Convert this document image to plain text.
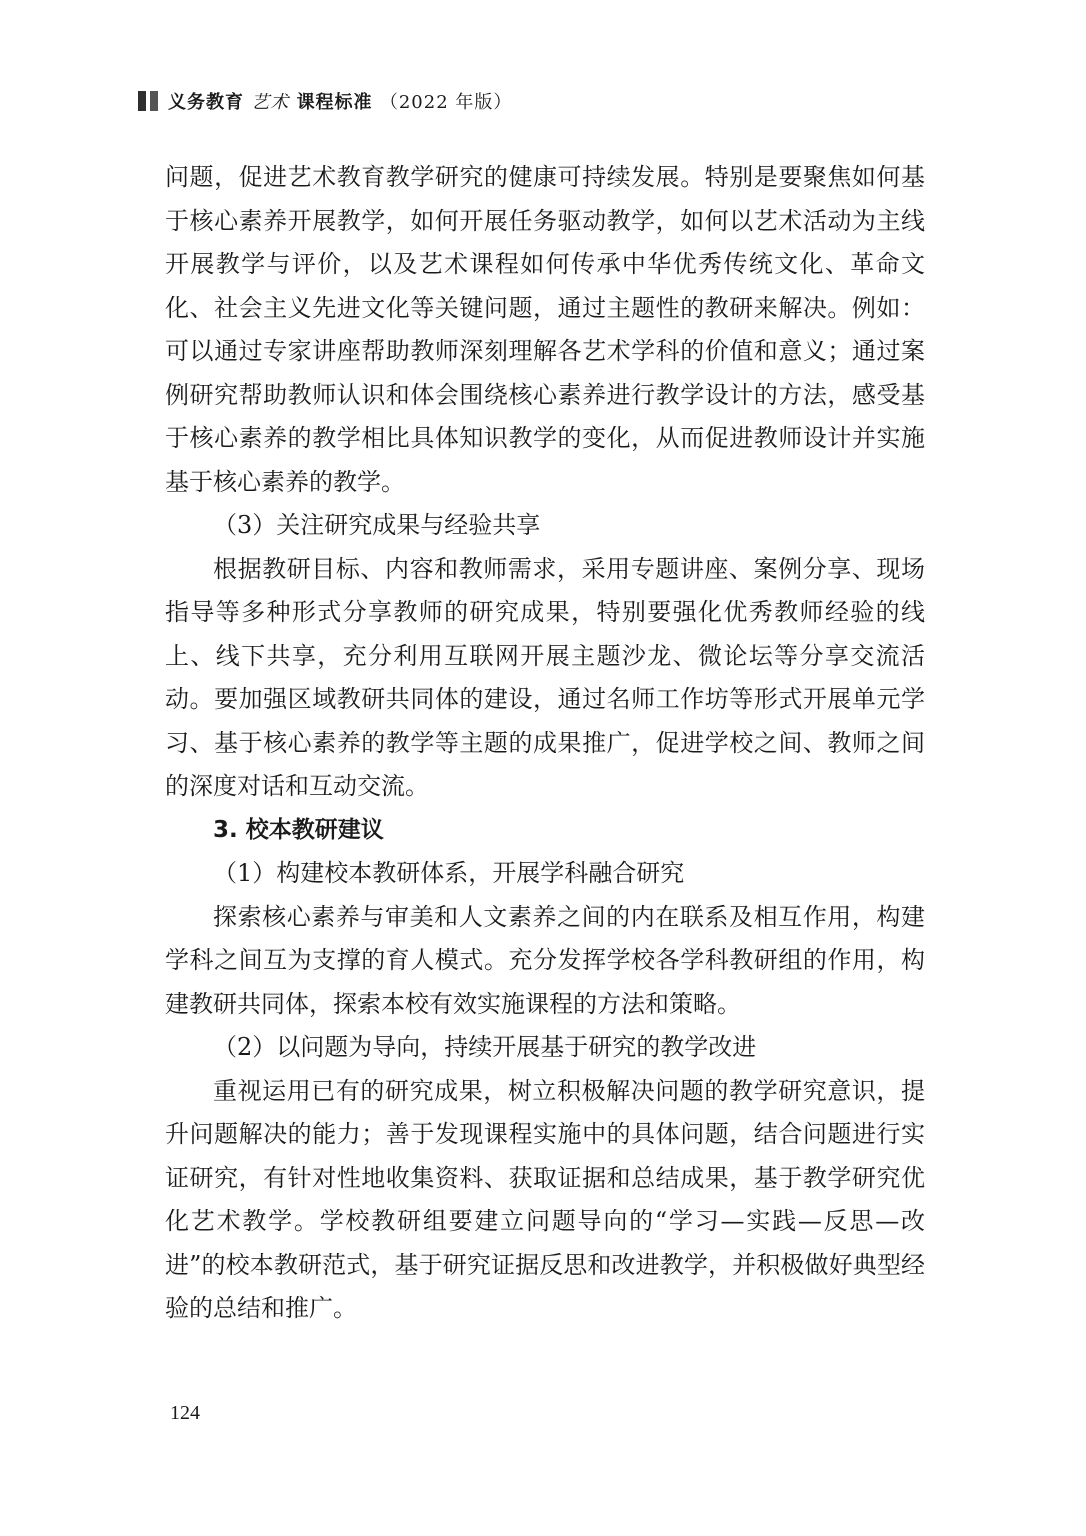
义务教育 艺术 课程标准 （2022 年版）

问题，促进艺术教育教学研究的健康可持续发展。特别是要聚焦如何基于核心素养开展教学，如何开展任务驱动教学，如何以艺术活动为主线开展教学与评价，以及艺术课程如何传承中华优秀传统文化、革命文化、社会主义先进文化等关键问题，通过主题性的教研来解决。例如：可以通过专家讲座帮助教师深刻理解各艺术学科的价值和意义；通过案例研究帮助教师认识和体会围绕核心素养进行教学设计的方法，感受基于核心素养的教学相比具体知识教学的变化，从而促进教师设计并实施基于核心素养的教学。

（3）关注研究成果与经验共享

根据教研目标、内容和教师需求，采用专题讲座、案例分享、现场指导等多种形式分享教师的研究成果，特别要强化优秀教师经验的线上、线下共享，充分利用互联网开展主题沙龙、微论坛等分享交流活动。要加强区域教研共同体的建设，通过名师工作坊等形式开展单元学习、基于核心素养的教学等主题的成果推广，促进学校之间、教师之间的深度对话和互动交流。

3. 校本教研建议

（1）构建校本教研体系，开展学科融合研究

探索核心素养与审美和人文素养之间的内在联系及相互作用，构建学科之间互为支撑的育人模式。充分发挥学校各学科教研组的作用，构建教研共同体，探索本校有效实施课程的方法和策略。

（2）以问题为导向，持续开展基于研究的教学改进

重视运用已有的研究成果，树立积极解决问题的教学研究意识，提升问题解决的能力；善于发现课程实施中的具体问题，结合问题进行实证研究，有针对性地收集资料、获取证据和总结成果，基于教学研究优化艺术教学。学校教研组要建立问题导向的“学习—实践—反思—改进”的校本教研范式，基于研究证据反思和改进教学，并积极做好典型经验的总结和推广。

124
